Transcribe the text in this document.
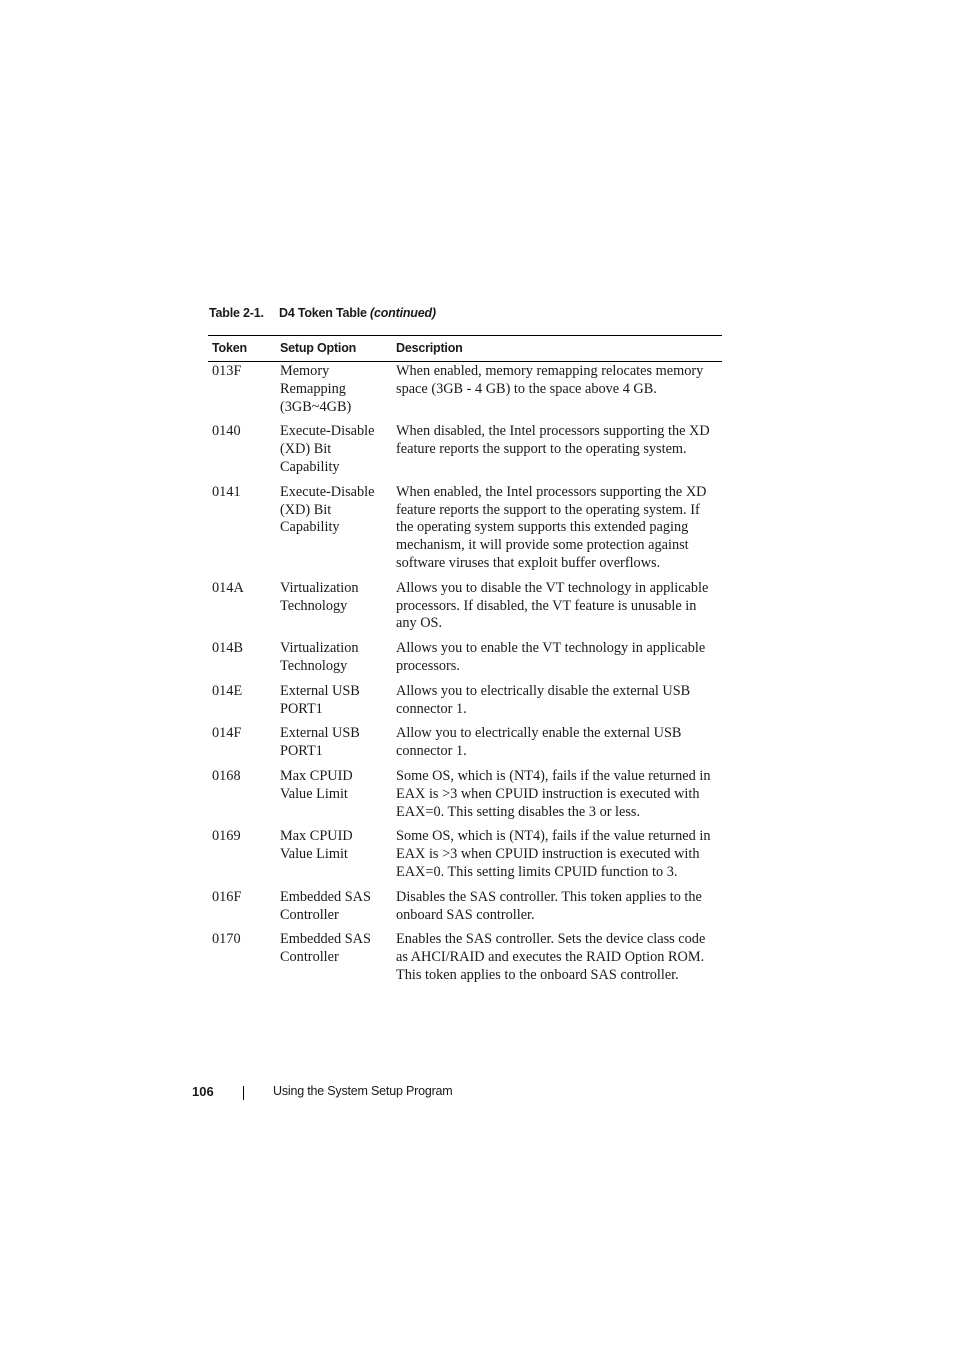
Table 2-1. D4 Token Table (continued)
Token	Setup Option	Description
013F	Memory Remapping (3GB~4GB)	When enabled, memory remapping relocates memory space (3GB - 4 GB) to the space above 4 GB.
0140	Execute-Disable (XD) Bit Capability	When disabled, the Intel processors supporting the XD feature reports the support to the operating system.
0141	Execute-Disable (XD) Bit Capability	When enabled, the Intel processors supporting the XD feature reports the support to the operating system. If the operating system supports this extended paging mechanism, it will provide some protection against software viruses that exploit buffer overflows.
014A	Virtualization Technology	Allows you to disable the VT technology in applicable processors. If disabled, the VT feature is unusable in any OS.
014B	Virtualization Technology	Allows you to enable the VT technology in applicable processors.
014E	External USB PORT1	Allows you to electrically disable the external USB connector 1.
014F	External USB PORT1	Allow you to electrically enable the external USB connector 1.
0168	Max CPUID Value Limit	Some OS, which is (NT4), fails if the value returned in EAX is >3 when CPUID instruction is executed with EAX=0. This setting disables the 3 or less.
0169	Max CPUID Value Limit	Some OS, which is (NT4), fails if the value returned in EAX is >3 when CPUID instruction is executed with EAX=0. This setting limits CPUID function to 3.
016F	Embedded SAS Controller	Disables the SAS controller. This token applies to the onboard SAS controller.
0170	Embedded SAS Controller	Enables the SAS controller. Sets the device class code as AHCI/RAID and executes the RAID Option ROM. This token applies to the onboard SAS controller.
106	Using the System Setup Program
